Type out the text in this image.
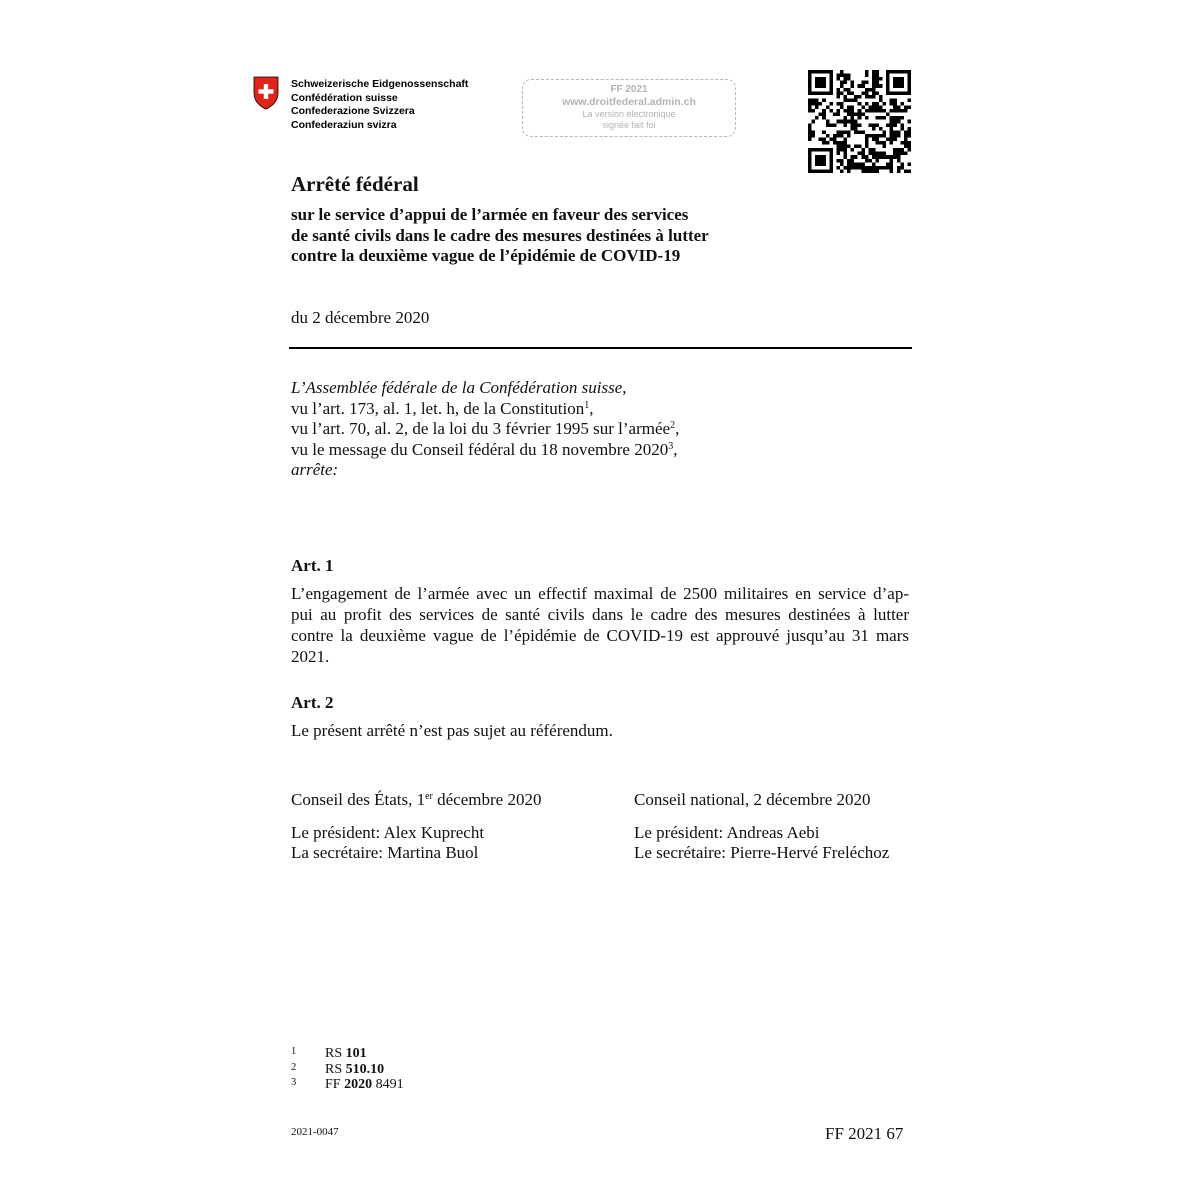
Schweizerische Eidgenossenschaft
Confédération suisse
Confederazione Svizzera
Confederaziun svizra
FF 2021
www.droitfederal.admin.ch
La version électronique
signée fait foi
Arrêté fédéral
sur le service d’appui de l’armée en faveur des services
de santé civils dans le cadre des mesures destinées à lutter
contre la deuxième vague de l’épidémie de COVID-19
du 2 décembre 2020
L’Assemblée fédérale de la Confédération suisse,
vu l’art. 173, al. 1, let. h, de la Constitution$^1$,
vu l’art. 70, al. 2, de la loi du 3 février 1995 sur l’armée$^2$,
vu le message du Conseil fédéral du 18 novembre 2020$^3$,
arrête:
Art. 1
L’engagement de l’armée avec un effectif maximal de 2500 militaires en service d’ap-
pui au profit des services de santé civils dans le cadre des mesures destinées à lutter
contre la deuxième vague de l’épidémie de COVID-19 est approuvé jusqu’au 31 mars
2021.
Art. 2
Le présent arrêté n’est pas sujet au référendum.
Conseil des États, 1er décembre 2020
Le président: Alex Kuprecht
La secrétaire: Martina Buol
Conseil national, 2 décembre 2020
Le président: Andreas Aebi
Le secrétaire: Pierre-Hervé Freléchoz
1	RS 101
2	RS 510.10
3	FF 2020 8491
2021-0047	FF 2021 67
